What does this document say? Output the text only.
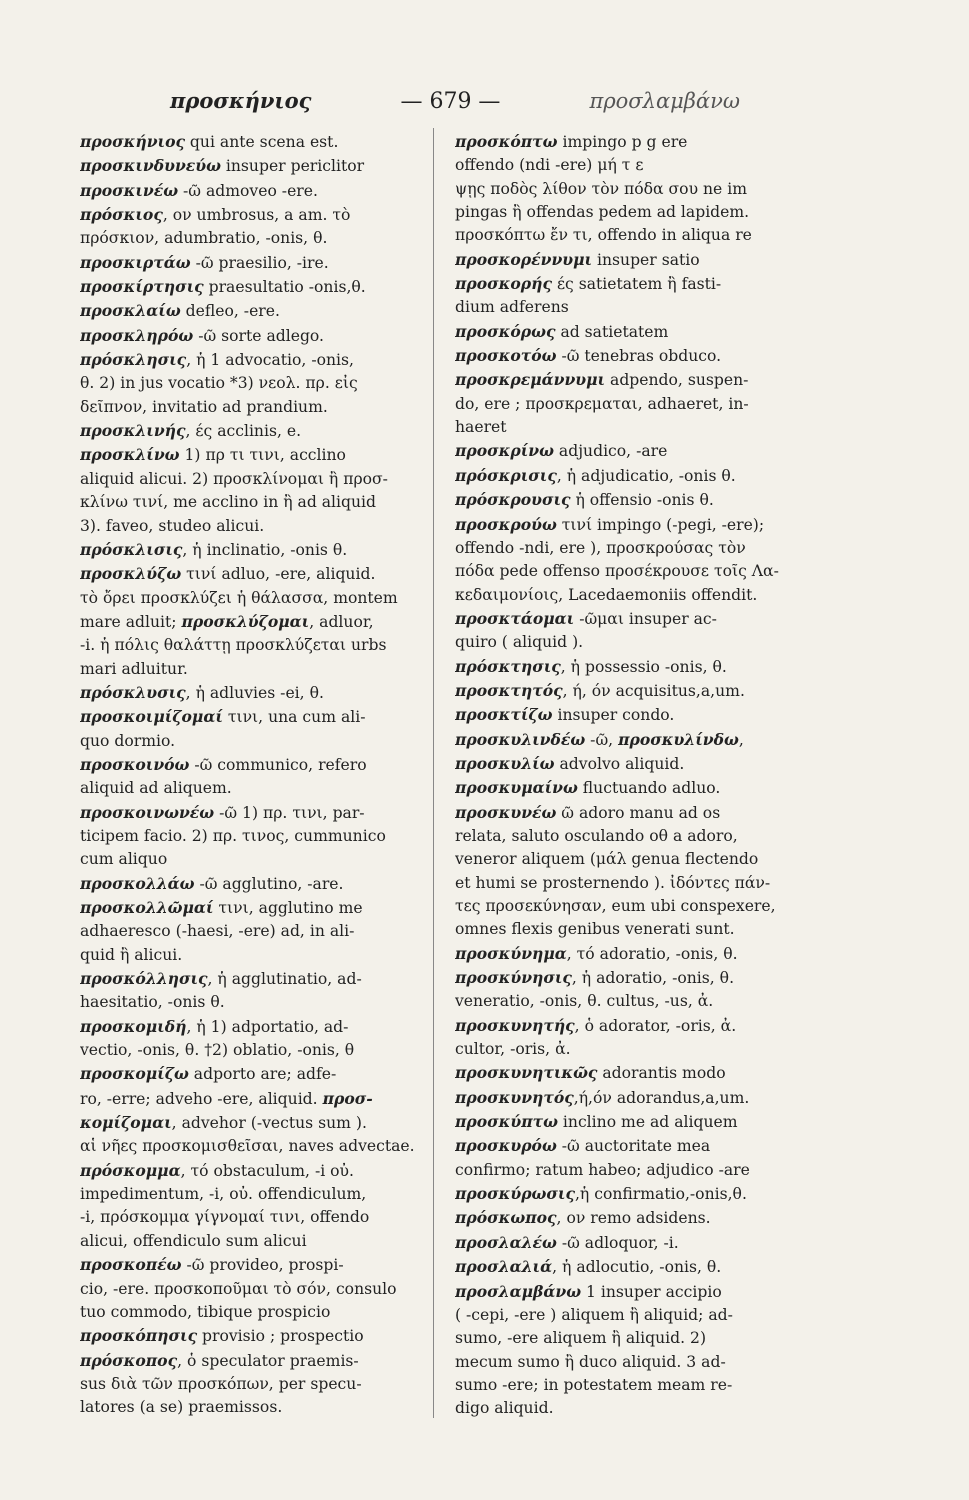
προσκήνιος	— 679 —	προσλαμβάνω
προσκήνιος qui ante scena est.
προσκινδυνεύω insuper periclitor
προσκινέω -ῶ admoveo -ere.
πρόσκιος, ον umbrosus, a am. τὸ
πρόσκιον, adumbratio, -onis, θ.
προσκιρτάω -ῶ praesilio, -ire.
προσκίρτησις praesultatio -onis,θ.
προσκλαίω defleo, -ere.
προσκληρόω -ῶ sorte adlego.
πρόσκλησις, ἡ 1 advocatio, -onis,
θ. 2) in jus vocatio *3) νεολ. πρ. εἰς
δεῖπνον, invitatio ad prandium.
προσκλινής, ές acclinis, e.
προσκλίνω 1) πρ τι τινι, acclino
aliquid alicui. 2) προσκλίνομαι ἢ προσ-
κλίνω τινί, me acclino in ἢ ad aliquid
3). faveo, studeo alicui.
πρόσκλισις, ἡ inclinatio, -onis θ.
προσκλύζω τινί adluo, -ere, aliquid.
τὸ ὄρει προσκλύζει ἡ θάλασσα, montem
mare adluit; προσκλύζομαι, adluor,
-i. ἡ πόλις θαλάττῃ προσκλύζεται urbs
mari adluitur.
πρόσκλυσις, ἡ adluvies -ei, θ.
προσκοιμίζομαί τινι, una cum ali-
quo dormio.
προσκοινόω -ῶ communico, refero
aliquid ad aliquem.
προσκοινωνέω -ῶ 1) πρ. τινι, par-
ticipem facio. 2) πρ. τινος, cummunico
cum aliquo
προσκολλάω -ῶ agglutino, -are.
προσκολλῶμαί τινι, agglutino me
adhaeresco (-haesi, -ere) ad, in ali-
quid ἢ alicui.
προσκόλλησις, ἡ agglutinatio, ad-
haesitatio, -onis θ.
προσκομιδή, ἡ 1) adportatio, ad-
vectio, -onis, θ. †2) oblatio, -onis, θ
προσκομίζω adporto are; adfe-
ro, -erre; adveho -ere, aliquid. προσ-
κομίζομαι, advehor (-vectus sum ).
αἱ νῆες προσκομισθεῖσαι, naves advectae.
πρόσκομμα, τό obstaculum, -i οὐ.
impedimentum, -i, οὐ. offendiculum,
-i, πρόσκομμα γίγνομαί τινι, offendo
alicui, offendiculo sum alicui
προσκοπέω -ῶ provideo, prospi-
cio, -ere. προσκοποῦμαι τὸ σόν, consulo
tuo commodo, tibique prospicio
προσκόπησις provisio ; prospectio
πρόσκοπος, ὁ speculator praemis-
sus διὰ τῶν προσκόπων, per specu-
latores (a se) praemissos.
προσκόπτω impingo p g ere
offendo (ndi -ere) μή τ ε
ψῃς ποδὸς λίθον τὸν πόδα σου ne im
pingas ἢ offendas pedem ad lapidem.
προσκόπτω ἔν τι, offendo in aliqua re
προσκορέννυμι insuper satio
προσκορής ές satietatem ἢ fasti-
dium adferens
προσκόρως ad satietatem
προσκοτόω -ῶ tenebras obduco.
προσκρεμάννυμι adpendo, suspen-
do, ere ; προσκρεμαται, adhaeret, in-
haeret
προσκρίνω adjudico, -are
πρόσκρισις, ἡ adjudicatio, -onis θ.
πρόσκρουσις ἡ offensio -onis θ.
προσκρούω τινί impingo (-pegi, -ere);
offendo -ndi, ere ), προσκρούσας τὸν
πόδα pede offenso προσέκρουσε τοῖς Λα-
κεδαιμονίοις, Lacedaemoniis offendit.
προσκτάομαι -ῶμαι insuper ac-
quiro ( aliquid ).
πρόσκτησις, ἡ possessio -onis, θ.
προσκτητός, ή, όν acquisitus,a,um.
προσκτίζω insuper condo.
προσκυλινδέω -ῶ, προσκυλίνδω,
προσκυλίω advolvo aliquid.
προσκυμαίνω fluctuando adluo.
προσκυνέω ῶ adoro manu ad os
relata, saluto osculando oθ a adoro,
veneror aliquem (μάλ genua flectendo
et humi se prosternendo ). ἰδόντες πάν-
τες προσεκύνησαν, eum ubi conspexere,
omnes flexis genibus venerati sunt.
προσκύνημα, τό adoratio, -onis, θ.
προσκύνησις, ἡ adoratio, -onis, θ.
veneratio, -onis, θ. cultus, -us, ἀ.
προσκυνητής, ὁ adorator, -oris, ἀ.
cultor, -oris, ἀ.
προσκυνητικῶς adorantis modo
προσκυνητός,ή,όν adorandus,a,um.
προσκύπτω inclino me ad aliquem
προσκυρόω -ῶ auctoritate mea
confirmo; ratum habeo; adjudico -are
προσκύρωσις,ἡ confirmatio,-onis,θ.
πρόσκωπος, ον remo adsidens.
προσλαλέω -ῶ adloquor, -i.
προσλαλιά, ἡ adlocutio, -onis, θ.
προσλαμβάνω 1 insuper accipio
( -cepi, -ere ) aliquem ἢ aliquid; ad-
sumo, -ere aliquem ἢ aliquid. 2)
mecum sumo ἢ duco aliquid. 3 ad-
sumo -ere; in potestatem meam re-
digo aliquid.
